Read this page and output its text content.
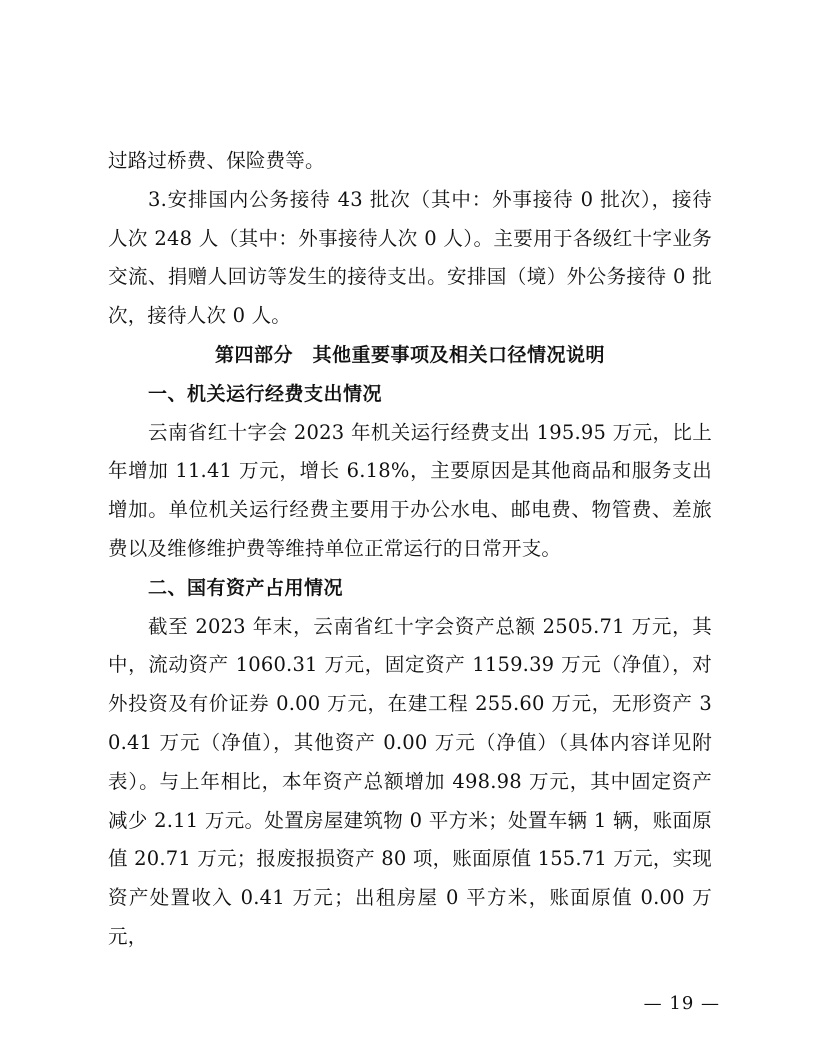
过路过桥费、保险费等。

3.安排国内公务接待 43 批次（其中：外事接待 0 批次），接待人次 248 人（其中：外事接待人次 0 人）。主要用于各级红十字业务交流、捐赠人回访等发生的接待支出。安排国（境）外公务接待 0 批次，接待人次 0 人。

第四部分　其他重要事项及相关口径情况说明

一、机关运行经费支出情况

云南省红十字会 2023 年机关运行经费支出 195.95 万元，比上年增加 11.41 万元，增长 6.18%，主要原因是其他商品和服务支出增加。单位机关运行经费主要用于办公水电、邮电费、物管费、差旅费以及维修维护费等维持单位正常运行的日常开支。

二、国有资产占用情况

截至 2023 年末，云南省红十字会资产总额 2505.71 万元，其中，流动资产 1060.31 万元，固定资产 1159.39 万元（净值），对外投资及有价证券 0.00 万元，在建工程 255.60 万元，无形资产 30.41 万元（净值），其他资产 0.00 万元（净值）（具体内容详见附表）。与上年相比，本年资产总额增加 498.98 万元，其中固定资产减少 2.11 万元。处置房屋建筑物 0 平方米；处置车辆 1 辆，账面原值 20.71 万元；报废报损资产 80 项，账面原值 155.71 万元，实现资产处置收入 0.41 万元；出租房屋 0 平方米，账面原值 0.00 万元，

— 19 —
